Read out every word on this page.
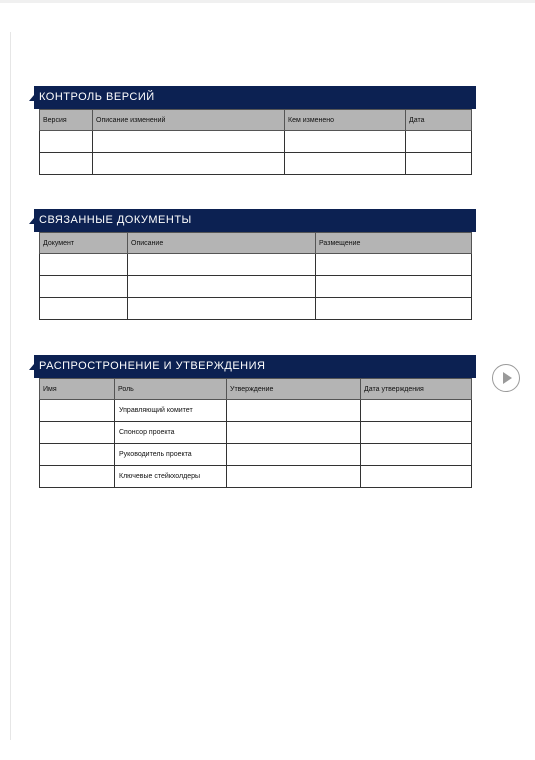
КОНТРОЛЬ ВЕРСИЙ
Версия	Описание изменений	Кем изменено	Дата

СВЯЗАННЫЕ ДОКУМЕНТЫ
Документ	Описание	Размещение

РАСПРОСТРОНЕНИЕ И УТВЕРЖДЕНИЯ
Имя	Роль	Утверждение	Дата утверждения
	Управляющий комитет		
	Спонсор проекта		
	Руководитель проекта		
	Ключевые стейкхолдеры		
